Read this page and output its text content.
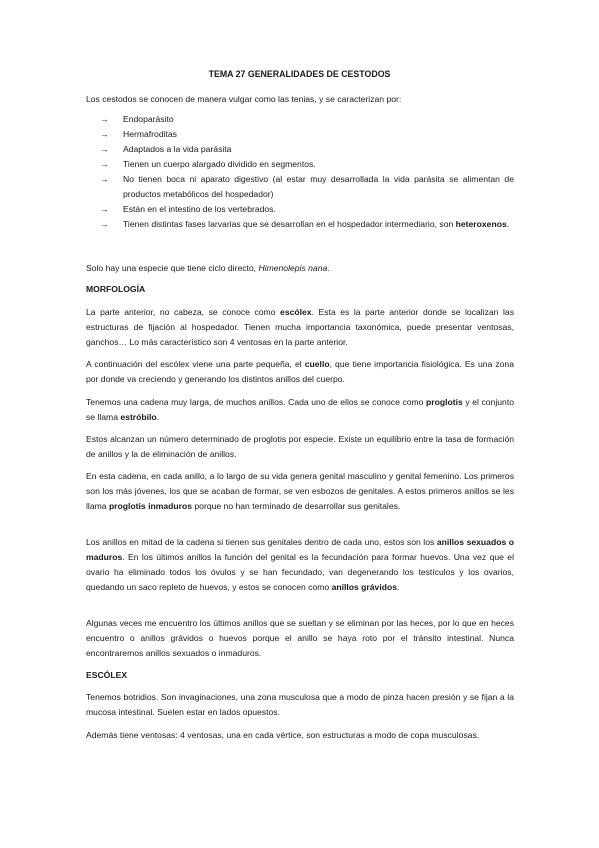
TEMA 27 GENERALIDADES DE CESTODOS
Los cestodos se conocen de manera vulgar como las tenias, y se caracterizan por:
→ Endoparásito
→ Hermafroditas
→ Adaptados a la vida parásita
→ Tienen un cuerpo alargado dividido en segmentos.
→ No tienen boca ni aparato digestivo (al estar muy desarrollada la vida parásita se alimentan de productos metabólicos del hospedador)
→ Están en el intestino de los vertebrados.
→ Tienen distintas fases larvarias que se desarrollan en el hospedador intermediario, son heteroxenos.
Solo hay una especie que tiene ciclo directo, Himenolepis nana.
MORFOLOGÍA
La parte anterior, no cabeza, se conoce como escólex. Esta es la parte anterior donde se localizan las estructuras de fijación al hospedador. Tienen mucha importancia taxonómica, puede presentar ventosas, ganchos… Lo más característico son 4 ventosas en la parte anterior.
A continuación del escólex viene una parte pequeña, el cuello, que tiene importancia fisiológica. Es una zona por donde va creciendo y generando los distintos anillos del cuerpo.
Tenemos una cadena muy larga, de muchos anillos. Cada uno de ellos se conoce como proglotis y el conjunto se llama estróbilo.
Estos alcanzan un número determinado de proglotis por especie. Existe un equilibrio entre la tasa de formación de anillos y la de eliminación de anillos.
En esta cadena, en cada anillo, a lo largo de su vida genera genital masculino y genital femenino. Los primeros son los más jóvenes, los que se acaban de formar, se ven esbozos de genitales. A estos primeros anillos se les llama proglotis inmaduros porque no han terminado de desarrollar sus genitales.
Los anillos en mitad de la cadena si tienen sus genitales dentro de cada uno, estos son los anillos sexuados o maduros. En los últimos anillos la función del genital es la fecundación para formar huevos. Una vez que el ovario ha eliminado todos los óvulos y se han fecundado, van degenerando los testículos y los ovarios, quedando un saco repleto de huevos, y estos se conocen como anillos grávidos.
Algunas veces me encuentro los últimos anillos que se sueltan y se eliminan por las heces, por lo que en heces encuentro o anillos grávidos o huevos porque el anillo se haya roto por el tránsito intestinal. Nunca encontraremos anillos sexuados o inmaduros.
ESCÓLEX
Tenemos botridios. Son invaginaciones, una zona musculosa que a modo de pinza hacen presión y se fijan a la mucosa intestinal. Suelen estar en lados opuestos.
Además tiene ventosas: 4 ventosas, una en cada vértice, son estructuras a modo de copa musculosas.
